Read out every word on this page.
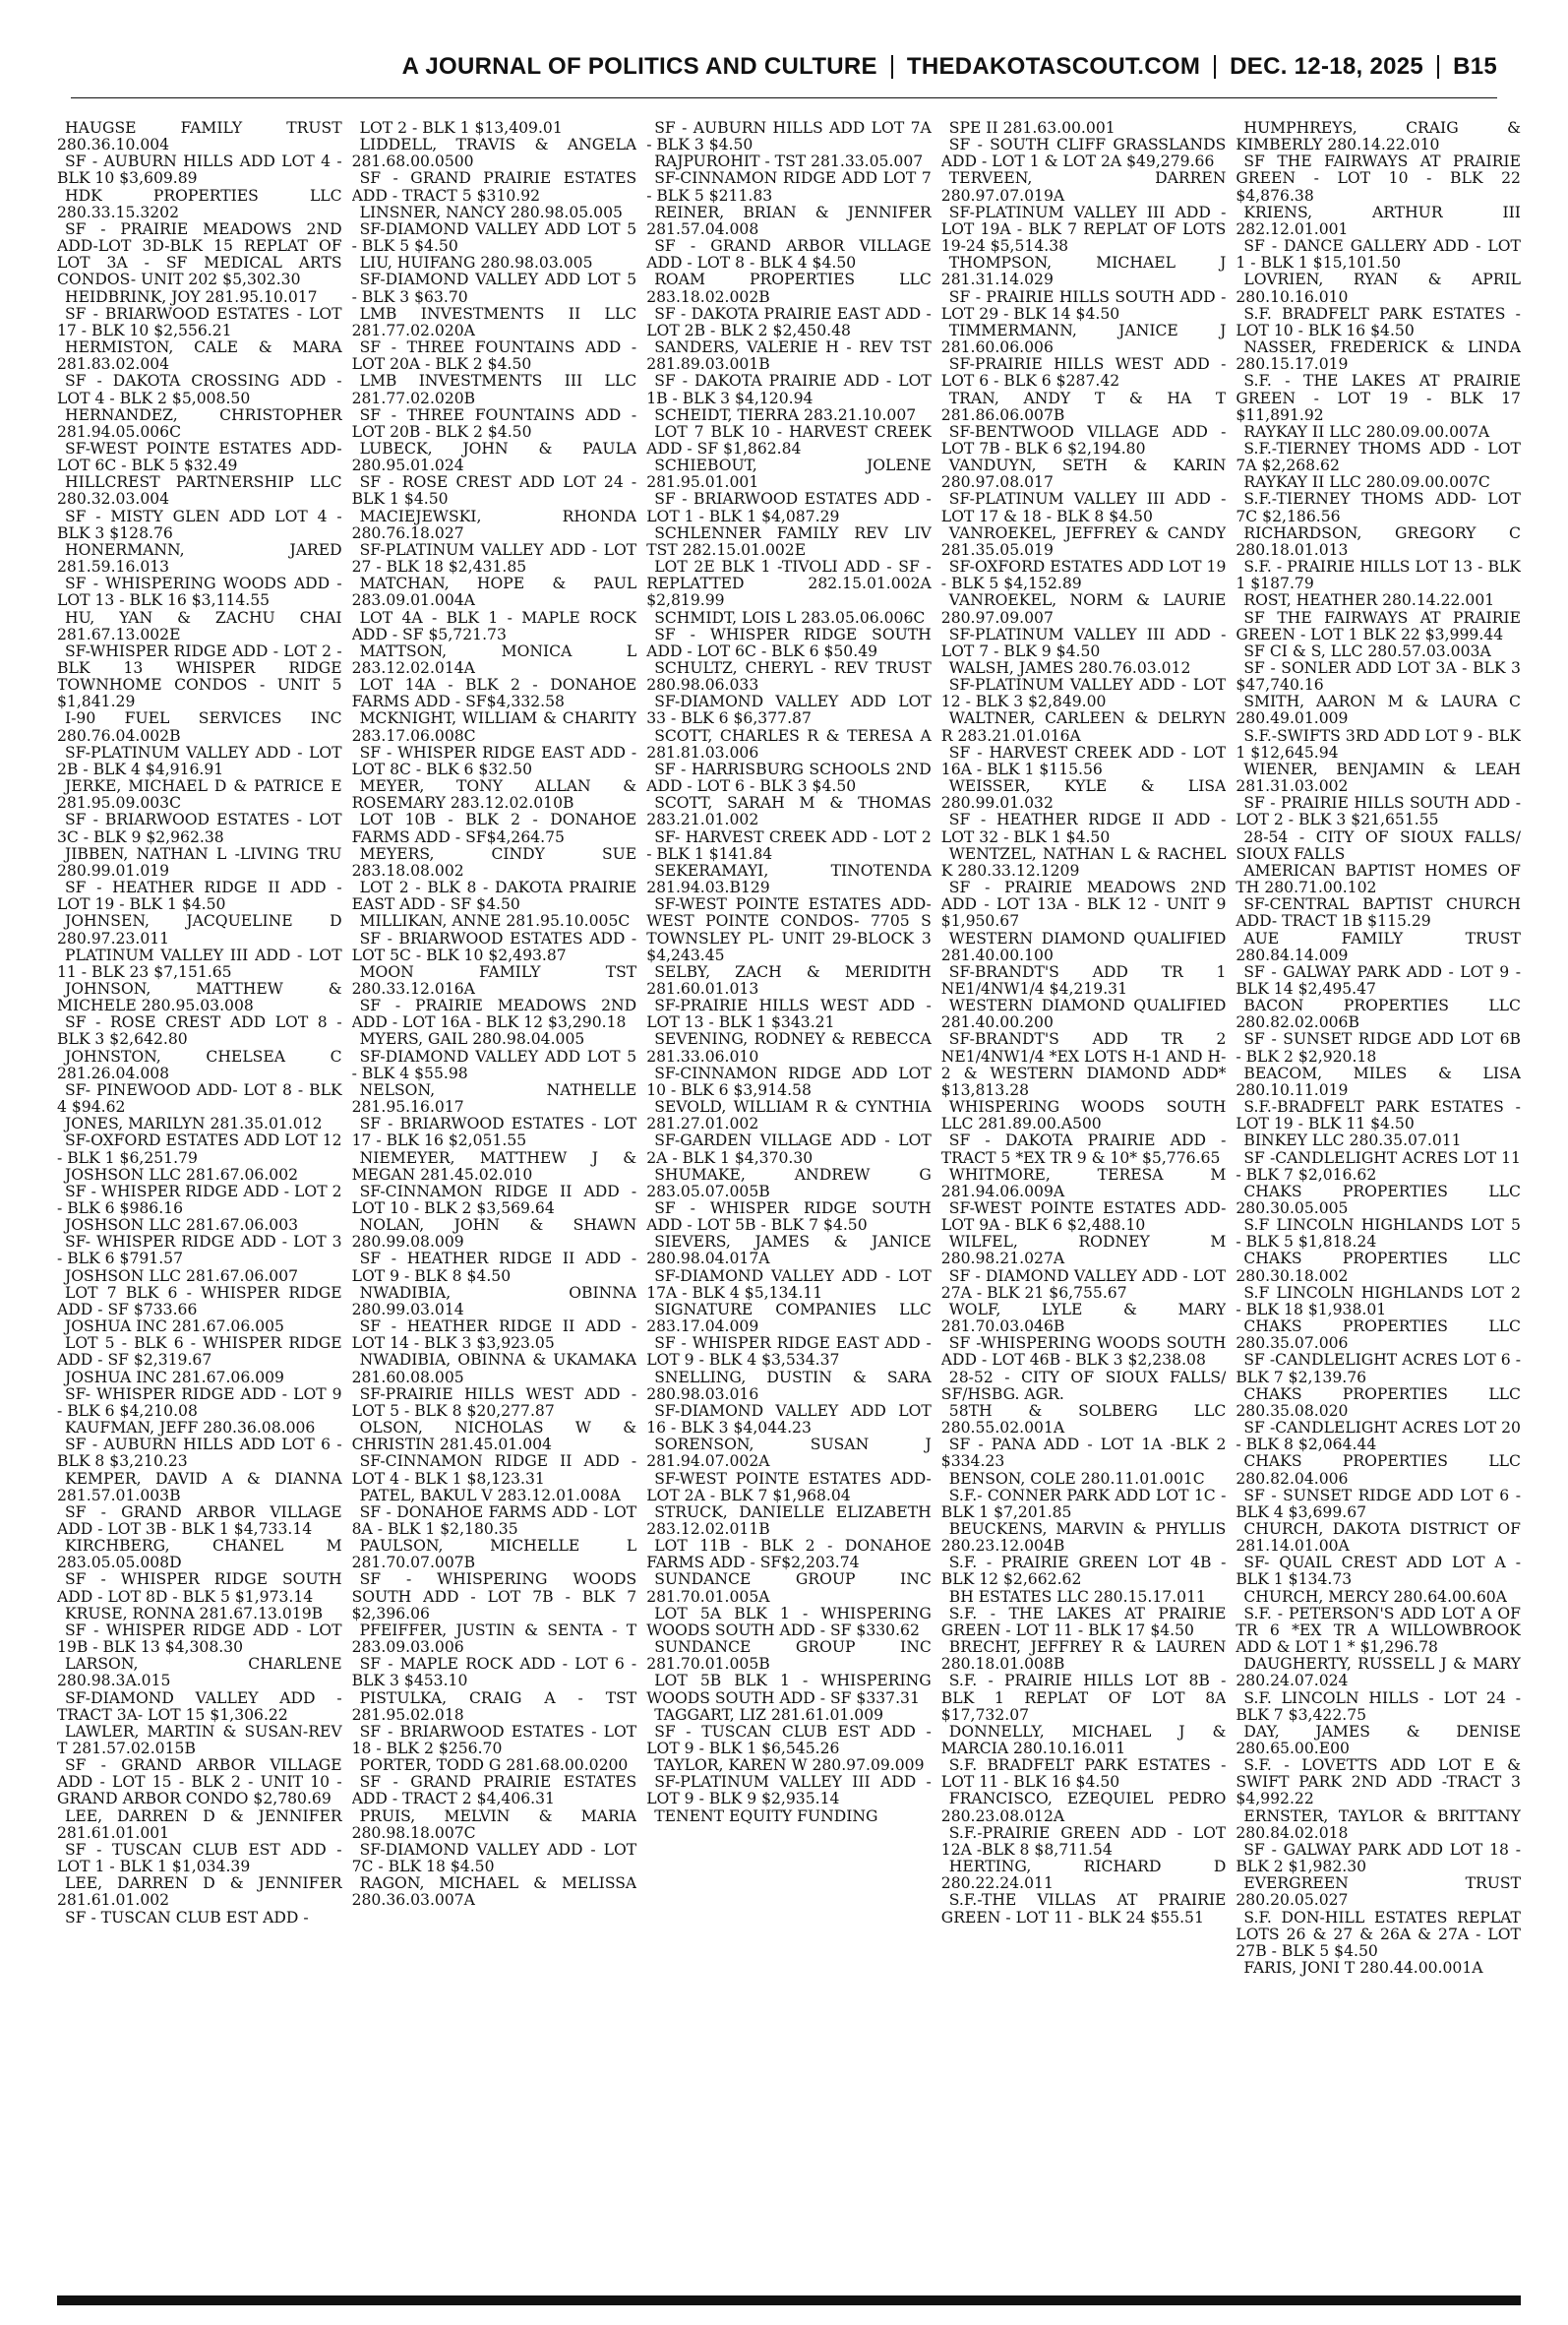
A JOURNAL OF POLITICS AND CULTURE THEDAKOTASCOUT.COM DEC. 12-18, 2025 B15

HAUGSE FAMILY TRUST 280.36.10.004

SF - AUBURN HILLS ADD LOT 4 - BLK 10 $3,609.89

HDK PROPERTIES LLC 280.33.15.3202

SF - PRAIRIE MEADOWS 2ND ADD-LOT 3D-BLK 15 REPLAT OF LOT 3A - SF MEDICAL ARTS CONDOS- UNIT 202 $5,302.30

HEIDBRINK, JOY 281.95.10.017

SF - BRIARWOOD ESTATES - LOT 17 - BLK 10 $2,556.21

HERMISTON, CALE & MARA 281.83.02.004

SF - DAKOTA CROSSING ADD - LOT 4 - BLK 2 $5,008.50

HERNANDEZ, CHRISTOPHER 281.94.05.006C

SF-WEST POINTE ESTATES ADD-LOT 6C - BLK 5 $32.49

HILLCREST PARTNERSHIP LLC 280.32.03.004

SF - MISTY GLEN ADD LOT 4 - BLK 3 $128.76

HONERMANN, JARED 281.59.16.013

SF - WHISPERING WOODS ADD - LOT 13 - BLK 16 $3,114.55

HU, YAN & ZACHU CHAI 281.67.13.002E

SF-WHISPER RIDGE ADD - LOT 2 - BLK 13 WHISPER RIDGE TOWNHOME CONDOS - UNIT 5 $1,841.29

I-90 FUEL SERVICES INC 280.76.04.002B

SF-PLATINUM VALLEY ADD - LOT 2B - BLK 4 $4,916.91

JERKE, MICHAEL D & PATRICE E 281.95.09.003C

SF - BRIARWOOD ESTATES - LOT 3C - BLK 9 $2,962.38

JIBBEN, NATHAN L -LIVING TRU 280.99.01.019

SF - HEATHER RIDGE II ADD - LOT 19 - BLK 1 $4.50

JOHNSEN, JACQUELINE D 280.97.23.011

PLATINUM VALLEY III ADD - LOT 11 - BLK 23 $7,151.65

JOHNSON, MATTHEW & MICHELE 280.95.03.008

SF - ROSE CREST ADD LOT 8 - BLK 3 $2,642.80

JOHNSTON, CHELSEA C 281.26.04.008

SF- PINEWOOD ADD- LOT 8 - BLK 4 $94.62

JONES, MARILYN 281.35.01.012

SF-OXFORD ESTATES ADD LOT 12 - BLK 1 $6,251.79

JOSHSON LLC 281.67.06.002

SF - WHISPER RIDGE ADD - LOT 2 - BLK 6 $986.16

JOSHSON LLC 281.67.06.003

SF- WHISPER RIDGE ADD - LOT 3 - BLK 6 $791.57

JOSHSON LLC 281.67.06.007

LOT 7 BLK 6 - WHISPER RIDGE ADD - SF $733.66

JOSHUA INC 281.67.06.005

LOT 5 - BLK 6 - WHISPER RIDGE ADD - SF $2,319.67

JOSHUA INC 281.67.06.009

SF- WHISPER RIDGE ADD - LOT 9 - BLK 6 $4,210.08

KAUFMAN, JEFF 280.36.08.006

SF - AUBURN HILLS ADD LOT 6 - BLK 8 $3,210.23

KEMPER, DAVID A & DIANNA 281.57.01.003B

SF - GRAND ARBOR VILLAGE ADD - LOT 3B - BLK 1 $4,733.14

KIRCHBERG, CHANEL M 283.05.05.008D

SF - WHISPER RIDGE SOUTH ADD - LOT 8D - BLK 5 $1,973.14

KRUSE, RONNA 281.67.13.019B

SF - WHISPER RIDGE ADD - LOT 19B - BLK 13 $4,308.30

LARSON, CHARLENE 280.98.3A.015

SF-DIAMOND VALLEY ADD - TRACT 3A- LOT 15 $1,306.22

LAWLER, MARTIN & SUSAN-REV T 281.57.02.015B

SF - GRAND ARBOR VILLAGE ADD - LOT 15 - BLK 2 - UNIT 10 - GRAND ARBOR CONDO $2,780.69

LEE, DARREN D & JENNIFER 281.61.01.001

SF - TUSCAN CLUB EST ADD - LOT 1 - BLK 1 $1,034.39

LEE, DARREN D & JENNIFER 281.61.01.002

SF - TUSCAN CLUB EST ADD -

LOT 2 - BLK 1 $13,409.01

LIDDELL, TRAVIS & ANGELA 281.68.00.0500

SF - GRAND PRAIRIE ESTATES ADD - TRACT 5 $310.92

LINSNER, NANCY 280.98.05.005

SF-DIAMOND VALLEY ADD LOT 5 - BLK 5 $4.50

LIU, HUIFANG 280.98.03.005

SF-DIAMOND VALLEY ADD LOT 5 - BLK 3 $63.70

LMB INVESTMENTS II LLC 281.77.02.020A

SF - THREE FOUNTAINS ADD - LOT 20A - BLK 2 $4.50

LMB INVESTMENTS III LLC 281.77.02.020B

SF - THREE FOUNTAINS ADD - LOT 20B - BLK 2 $4.50

LUBECK, JOHN & PAULA 280.95.01.024

SF - ROSE CREST ADD LOT 24 - BLK 1 $4.50

MACIEJEWSKI, RHONDA 280.76.18.027

SF-PLATINUM VALLEY ADD - LOT 27 - BLK 18 $2,431.85

MATCHAN, HOPE & PAUL 283.09.01.004A

LOT 4A - BLK 1 - MAPLE ROCK ADD - SF $5,721.73

MATTSON, MONICA L 283.12.02.014A

LOT 14A - BLK 2 - DONAHOE FARMS ADD - SF$4,332.58

MCKNIGHT, WILLIAM & CHARITY 283.17.06.008C

SF - WHISPER RIDGE EAST ADD - LOT 8C - BLK 6 $32.50

MEYER, TONY ALLAN & ROSEMARY 283.12.02.010B

LOT 10B - BLK 2 - DONAHOE FARMS ADD - SF$4,264.75

MEYERS, CINDY SUE 283.18.08.002

LOT 2 - BLK 8 - DAKOTA PRAIRIE EAST ADD - SF $4.50

MILLIKAN, ANNE 281.95.10.005C

SF - BRIARWOOD ESTATES ADD - LOT 5C - BLK 10 $2,493.87

MOON FAMILY TST 280.33.12.016A

SF - PRAIRIE MEADOWS 2ND ADD - LOT 16A - BLK 12 $3,290.18

MYERS, GAIL 280.98.04.005

SF-DIAMOND VALLEY ADD LOT 5 - BLK 4 $55.98

NELSON, NATHELLE 281.95.16.017

SF - BRIARWOOD ESTATES - LOT 17 - BLK 16 $2,051.55

NIEMEYER, MATTHEW J & MEGAN 281.45.02.010

SF-CINNAMON RIDGE II ADD - LOT 10 - BLK 2 $3,569.64

NOLAN, JOHN & SHAWN 280.99.08.009

SF - HEATHER RIDGE II ADD - LOT 9 - BLK 8 $4.50

NWADIBIA, OBINNA 280.99.03.014

SF - HEATHER RIDGE II ADD - LOT 14 - BLK 3 $3,923.05

NWADIBIA, OBINNA & UKAMAKA 281.60.08.005

SF-PRAIRIE HILLS WEST ADD - LOT 5 - BLK 8 $20,277.87

OLSON, NICHOLAS W & CHRISTIN 281.45.01.004

SF-CINNAMON RIDGE II ADD - LOT 4 - BLK 1 $8,123.31

PATEL, BAKUL V 283.12.01.008A

SF - DONAHOE FARMS ADD - LOT 8A - BLK 1 $2,180.35

PAULSON, MICHELLE L 281.70.07.007B

SF - WHISPERING WOODS SOUTH ADD - LOT 7B - BLK 7 $2,396.06

PFEIFFER, JUSTIN & SENTA - T 283.09.03.006

SF - MAPLE ROCK ADD - LOT 6 - BLK 3 $453.10

PISTULKA, CRAIG A - TST 281.95.02.018

SF - BRIARWOOD ESTATES - LOT 18 - BLK 2 $256.70

PORTER, TODD G 281.68.00.0200

SF - GRAND PRAIRIE ESTATES ADD - TRACT 2 $4,406.31

PRUIS, MELVIN & MARIA 280.98.18.007C

SF-DIAMOND VALLEY ADD - LOT 7C - BLK 18 $4.50

RAGON, MICHAEL & MELISSA 280.36.03.007A

SF - AUBURN HILLS ADD LOT 7A - BLK 3 $4.50

RAJPUROHIT - TST 281.33.05.007

SF-CINNAMON RIDGE ADD LOT 7 - BLK 5 $211.83

REINER, BRIAN & JENNIFER 281.57.04.008

SF - GRAND ARBOR VILLAGE ADD - LOT 8 - BLK 4 $4.50

ROAM PROPERTIES LLC 283.18.02.002B

SF - DAKOTA PRAIRIE EAST ADD - LOT 2B - BLK 2 $2,450.48

SANDERS, VALERIE H - REV TST 281.89.03.001B

SF - DAKOTA PRAIRIE ADD - LOT 1B - BLK 3 $4,120.94

SCHEIDT, TIERRA 283.21.10.007

LOT 7 BLK 10 - HARVEST CREEK ADD - SF $1,862.84

SCHIEBOUT, JOLENE 281.95.01.001

SF - BRIARWOOD ESTATES ADD - LOT 1 - BLK 1 $4,087.29

SCHLENNER FAMILY REV LIV TST 282.15.01.002E

LOT 2E BLK 1 -TIVOLI ADD - SF - REPLATTED 282.15.01.002A $2,819.99

SCHMIDT, LOIS L 283.05.06.006C

SF - WHISPER RIDGE SOUTH ADD - LOT 6C - BLK 6 $50.49

SCHULTZ, CHERYL - REV TRUST 280.98.06.033

SF-DIAMOND VALLEY ADD LOT 33 - BLK 6 $6,377.87

SCOTT, CHARLES R & TERESA A 281.81.03.006

SF - HARRISBURG SCHOOLS 2ND ADD - LOT 6 - BLK 3 $4.50

SCOTT, SARAH M & THOMAS 283.21.01.002

SF- HARVEST CREEK ADD - LOT 2 - BLK 1 $141.84

SEKERAMAYI, TINOTENDA 281.94.03.B129

SF-WEST POINTE ESTATES ADD- WEST POINTE CONDOS- 7705 S TOWNSLEY PL- UNIT 29-BLOCK 3 $4,243.45

SELBY, ZACH & MERIDITH 281.60.01.013

SF-PRAIRIE HILLS WEST ADD - LOT 13 - BLK 1 $343.21

SEVENING, RODNEY & REBECCA 281.33.06.010

SF-CINNAMON RIDGE ADD LOT 10 - BLK 6 $3,914.58

SEVOLD, WILLIAM R & CYNTHIA 281.27.01.002

SF-GARDEN VILLAGE ADD - LOT 2A - BLK 1 $4,370.30

SHUMAKE, ANDREW G 283.05.07.005B

SF - WHISPER RIDGE SOUTH ADD - LOT 5B - BLK 7 $4.50

SIEVERS, JAMES & JANICE 280.98.04.017A

SF-DIAMOND VALLEY ADD - LOT 17A - BLK 4 $5,134.11

SIGNATURE COMPANIES LLC 283.17.04.009

SF - WHISPER RIDGE EAST ADD - LOT 9 - BLK 4 $3,534.37

SNELLING, DUSTIN & SARA 280.98.03.016

SF-DIAMOND VALLEY ADD LOT 16 - BLK 3 $4,044.23

SORENSON, SUSAN J 281.94.07.002A

SF-WEST POINTE ESTATES ADD- LOT 2A - BLK 7 $1,968.04

STRUCK, DANIELLE ELIZABETH 283.12.02.011B

LOT 11B - BLK 2 - DONAHOE FARMS ADD - SF$2,203.74

SUNDANCE GROUP INC 281.70.01.005A

LOT 5A BLK 1 - WHISPERING WOODS SOUTH ADD - SF $330.62

SUNDANCE GROUP INC 281.70.01.005B

LOT 5B BLK 1 - WHISPERING WOODS SOUTH ADD - SF $337.31

TAGGART, LIZ 281.61.01.009

SF - TUSCAN CLUB EST ADD - LOT 9 - BLK 1 $6,545.26

TAYLOR, KAREN W 280.97.09.009

SF-PLATINUM VALLEY III ADD - LOT 9 - BLK 9 $2,935.14

TENENT EQUITY FUNDING

SPE II 281.63.00.001

SF - SOUTH CLIFF GRASSLANDS ADD - LOT 1 & LOT 2A $49,279.66

TERVEEN, DARREN 280.97.07.019A

SF-PLATINUM VALLEY III ADD - LOT 19A - BLK 7 REPLAT OF LOTS 19-24 $5,514.38

THOMPSON, MICHAEL J 281.31.14.029

SF - PRAIRIE HILLS SOUTH ADD -LOT 29 - BLK 14 $4.50

TIMMERMANN, JANICE J 281.60.06.006

SF-PRAIRIE HILLS WEST ADD - LOT 6 - BLK 6 $287.42

TRAN, ANDY T & HA T 281.86.06.007B

SF-BENTWOOD VILLAGE ADD - LOT 7B - BLK 6 $2,194.80

VANDUYN, SETH & KARIN 280.97.08.017

SF-PLATINUM VALLEY III ADD - LOT 17 & 18 - BLK 8 $4.50

VANROEKEL, JEFFREY & CANDY 281.35.05.019

SF-OXFORD ESTATES ADD LOT 19 - BLK 5 $4,152.89

VANROEKEL, NORM & LAURIE 280.97.09.007

SF-PLATINUM VALLEY III ADD - LOT 7 - BLK 9 $4.50

WALSH, JAMES 280.76.03.012

SF-PLATINUM VALLEY ADD - LOT 12 - BLK 3 $2,849.00

WALTNER, CARLEEN & DELRYN R 283.21.01.016A

SF - HARVEST CREEK ADD - LOT 16A - BLK 1 $115.56

WEISSER, KYLE & LISA 280.99.01.032

SF - HEATHER RIDGE II ADD - LOT 32 - BLK 1 $4.50

WENTZEL, NATHAN L & RACHEL K 280.33.12.1209

SF - PRAIRIE MEADOWS 2ND ADD - LOT 13A - BLK 12 - UNIT 9 $1,950.67

WESTERN DIAMOND QUALIFIED 281.40.00.100

SF-BRANDT'S ADD TR 1 NE1/4NW1/4 $4,219.31

WESTERN DIAMOND QUALIFIED 281.40.00.200

SF-BRANDT'S ADD TR 2 NE1/4NW1/4 *EX LOTS H-1 AND H-2 & WESTERN DIAMOND ADD* $13,813.28

WHISPERING WOODS SOUTH LLC 281.89.00.A500

SF - DAKOTA PRAIRIE ADD - TRACT 5 *EX TR 9 & 10* $5,776.65

WHITMORE, TERESA M 281.94.06.009A

SF-WEST POINTE ESTATES ADD- LOT 9A - BLK 6 $2,488.10

WILFEL, RODNEY M 280.98.21.027A

SF - DIAMOND VALLEY ADD - LOT 27A - BLK 21 $6,755.67

WOLF, LYLE & MARY 281.70.03.046B

SF -WHISPERING WOODS SOUTH ADD - LOT 46B - BLK 3 $2,238.08

28-52 - CITY OF SIOUX FALLS/ SF/HSBG. AGR.

58TH & SOLBERG LLC 280.55.02.001A

SF - PANA ADD - LOT 1A -BLK 2 $334.23

BENSON, COLE 280.11.01.001C

S.F.- CONNER PARK ADD LOT 1C - BLK 1 $7,201.85

BEUCKENS, MARVIN & PHYLLIS 280.23.12.004B

S.F. - PRAIRIE GREEN LOT 4B - BLK 12 $2,662.62

BH ESTATES LLC 280.15.17.011

S.F. - THE LAKES AT PRAIRIE GREEN - LOT 11 - BLK 17 $4.50

BRECHT, JEFFREY R & LAUREN 280.18.01.008B

S.F. - PRAIRIE HILLS LOT 8B - BLK 1 REPLAT OF LOT 8A $17,732.07

DONNELLY, MICHAEL J & MARCIA 280.10.16.011

S.F. BRADFELT PARK ESTATES - LOT 11 - BLK 16 $4.50

FRANCISCO, EZEQUIEL PEDRO 280.23.08.012A

S.F.-PRAIRIE GREEN ADD - LOT 12A -BLK 8 $8,711.54

HERTING, RICHARD D 280.22.24.011

S.F.-THE VILLAS AT PRAIRIE GREEN - LOT 11 - BLK 24 $55.51

HUMPHREYS, CRAIG & KIMBERLY 280.14.22.010

SF THE FAIRWAYS AT PRAIRIE GREEN - LOT 10 - BLK 22 $4,876.38

KRIENS, ARTHUR III 282.12.01.001

SF - DANCE GALLERY ADD - LOT 1 - BLK 1 $15,101.50

LOVRIEN, RYAN & APRIL 280.10.16.010

S.F. BRADFELT PARK ESTATES - LOT 10 - BLK 16 $4.50

NASSER, FREDERICK & LINDA 280.15.17.019

S.F. - THE LAKES AT PRAIRIE GREEN - LOT 19 - BLK 17 $11,891.92

RAYKAY II LLC 280.09.00.007A

S.F.-TIERNEY THOMS ADD - LOT 7A $2,268.62

RAYKAY II LLC 280.09.00.007C

S.F.-TIERNEY THOMS ADD- LOT 7C $2,186.56

RICHARDSON, GREGORY C 280.18.01.013

S.F. - PRAIRIE HILLS LOT 13 - BLK 1 $187.79

ROST, HEATHER 280.14.22.001

SF THE FAIRWAYS AT PRAIRIE GREEN - LOT 1 BLK 22 $3,999.44

SF CI & S, LLC 280.57.03.003A

SF - SONLER ADD LOT 3A - BLK 3 $47,740.16

SMITH, AARON M & LAURA C 280.49.01.009

S.F.-SWIFTS 3RD ADD LOT 9 - BLK 1 $12,645.94

WIENER, BENJAMIN & LEAH 281.31.03.002

SF - PRAIRIE HILLS SOUTH ADD - LOT 2 - BLK 3 $21,651.55

28-54 - CITY OF SIOUX FALLS/ SIOUX FALLS

AMERICAN BAPTIST HOMES OF TH 280.71.00.102

SF-CENTRAL BAPTIST CHURCH ADD- TRACT 1B $115.29

AUE FAMILY TRUST 280.84.14.009

SF - GALWAY PARK ADD - LOT 9 - BLK 14 $2,495.47

BACON PROPERTIES LLC 280.82.02.006B

SF - SUNSET RIDGE ADD LOT 6B - BLK 2 $2,920.18

BEACOM, MILES & LISA 280.10.11.019

S.F.-BRADFELT PARK ESTATES - LOT 19 - BLK 11 $4.50

BINKEY LLC 280.35.07.011

SF -CANDLELIGHT ACRES LOT 11 - BLK 7 $2,016.62

CHAKS PROPERTIES LLC 280.30.05.005

S.F LINCOLN HIGHLANDS LOT 5 - BLK 5 $1,818.24

CHAKS PROPERTIES LLC 280.30.18.002

S.F LINCOLN HIGHLANDS LOT 2 - BLK 18 $1,938.01

CHAKS PROPERTIES LLC 280.35.07.006

SF -CANDLELIGHT ACRES LOT 6 - BLK 7 $2,139.76

CHAKS PROPERTIES LLC 280.35.08.020

SF -CANDLELIGHT ACRES LOT 20 - BLK 8 $2,064.44

CHAKS PROPERTIES LLC 280.82.04.006

SF - SUNSET RIDGE ADD LOT 6 - BLK 4 $3,699.67

CHURCH, DAKOTA DISTRICT OF 281.14.01.00A

SF- QUAIL CREST ADD LOT A - BLK 1 $134.73

CHURCH, MERCY 280.64.00.60A

S.F. - PETERSON'S ADD LOT A OF TR 6 *EX TR A WILLOWBROOK ADD & LOT 1 * $1,296.78

DAUGHERTY, RUSSELL J & MARY 280.24.07.024

S.F. LINCOLN HILLS - LOT 24 - BLK 7 $3,422.75

DAY, JAMES & DENISE 280.65.00.E00

S.F. - LOVETTS ADD LOT E & SWIFT PARK 2ND ADD -TRACT 3 $4,992.22

ERNSTER, TAYLOR & BRITTANY 280.84.02.018

SF - GALWAY PARK ADD LOT 18 - BLK 2 $1,982.30

EVERGREEN TRUST 280.20.05.027

S.F. DON-HILL ESTATES REPLAT LOTS 26 & 27 & 26A & 27A - LOT 27B - BLK 5 $4.50

FARIS, JONI T 280.44.00.001A
